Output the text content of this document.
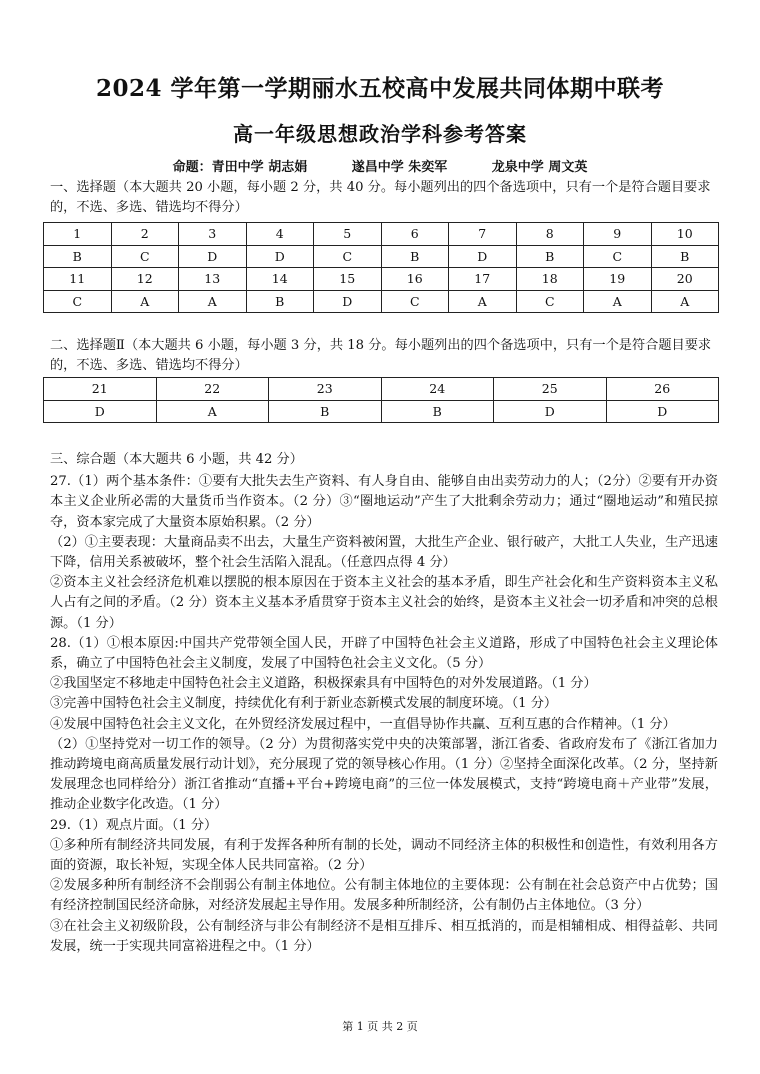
2024 学年第一学期丽水五校高中发展共同体期中联考
高一年级思想政治学科参考答案
命题：青田中学 胡志娟	遂昌中学 朱奕军	龙泉中学 周文英
一、选择题（本大题共 20 小题，每小题 2 分，共 40 分。每小题列出的四个备选项中，只有一个是符合题目要求的，不选、多选、错选均不得分）
1	2	3	4	5	6	7	8	9	10
B	C	D	D	C	B	D	B	C	B
11	12	13	14	15	16	17	18	19	20
C	A	A	B	D	C	A	C	A	A
二、选择题Ⅱ（本大题共 6 小题，每小题 3 分，共 18 分。每小题列出的四个备选项中，只有一个是符合题目要求的，不选、多选、错选均不得分）
21	22	23	24	25	26
D	A	B	B	D	D

三、综合题（本大题共 6 小题，共 42 分）

27.（1）两个基本条件：①要有大批失去生产资料、有人身自由、能够自由出卖劳动力的人；（2分）②要有开办资本主义企业所必需的大量货币当作资本。（2 分）③“圈地运动”产生了大批剩余劳动力；通过“圈地运动”和殖民掠夺，资本家完成了大量资本原始积累。（2 分）

（2）①主要表现：大量商品卖不出去，大量生产资料被闲置，大批生产企业、银行破产，大批工人失业，生产迅速下降，信用关系被破坏，整个社会生活陷入混乱。（任意四点得 4 分）

②资本主义社会经济危机难以摆脱的根本原因在于资本主义社会的基本矛盾，即生产社会化和生产资料资本主义私人占有之间的矛盾。（2 分）资本主义基本矛盾贯穿于资本主义社会的始终，是资本主义社会一切矛盾和冲突的总根源。（1 分）

28.（1）①根本原因:中国共产党带领全国人民，开辟了中国特色社会主义道路，形成了中国特色社会主义理论体系，确立了中国特色社会主义制度，发展了中国特色社会主义文化。（5 分）

②我国坚定不移地走中国特色社会主义道路，积极探索具有中国特色的对外发展道路。（1 分）

③完善中国特色社会主义制度，持续优化有利于新业态新模式发展的制度环境。（1 分）

④发展中国特色社会主义文化，在外贸经济发展过程中，一直倡导协作共赢、互利互惠的合作精神。（1 分）

（2）①坚持党对一切工作的领导。（2 分）为贯彻落实党中央的决策部署，浙江省委、省政府发布了《浙江省加力推动跨境电商高质量发展行动计划》，充分展现了党的领导核心作用。（1 分）②坚持全面深化改革。（2 分，坚持新发展理念也同样给分）浙江省推动“直播+平台+跨境电商”的三位一体发展模式，支持“跨境电商＋产业带”发展，推动企业数字化改造。（1 分）

29.（1）观点片面。（1 分）

①多种所有制经济共同发展，有利于发挥各种所有制的长处，调动不同经济主体的积极性和创造性，有效利用各方面的资源，取长补短，实现全体人民共同富裕。（2 分）

②发展多种所有制经济不会削弱公有制主体地位。公有制主体地位的主要体现：公有制在社会总资产中占优势；国有经济控制国民经济命脉，对经济发展起主导作用。发展多种所制经济，公有制仍占主体地位。（3 分）

③在社会主义初级阶段，公有制经济与非公有制经济不是相互排斥、相互抵消的，而是相辅相成、相得益彰、共同发展，统一于实现共同富裕进程之中。（1 分）

第 1 页 共 2 页
